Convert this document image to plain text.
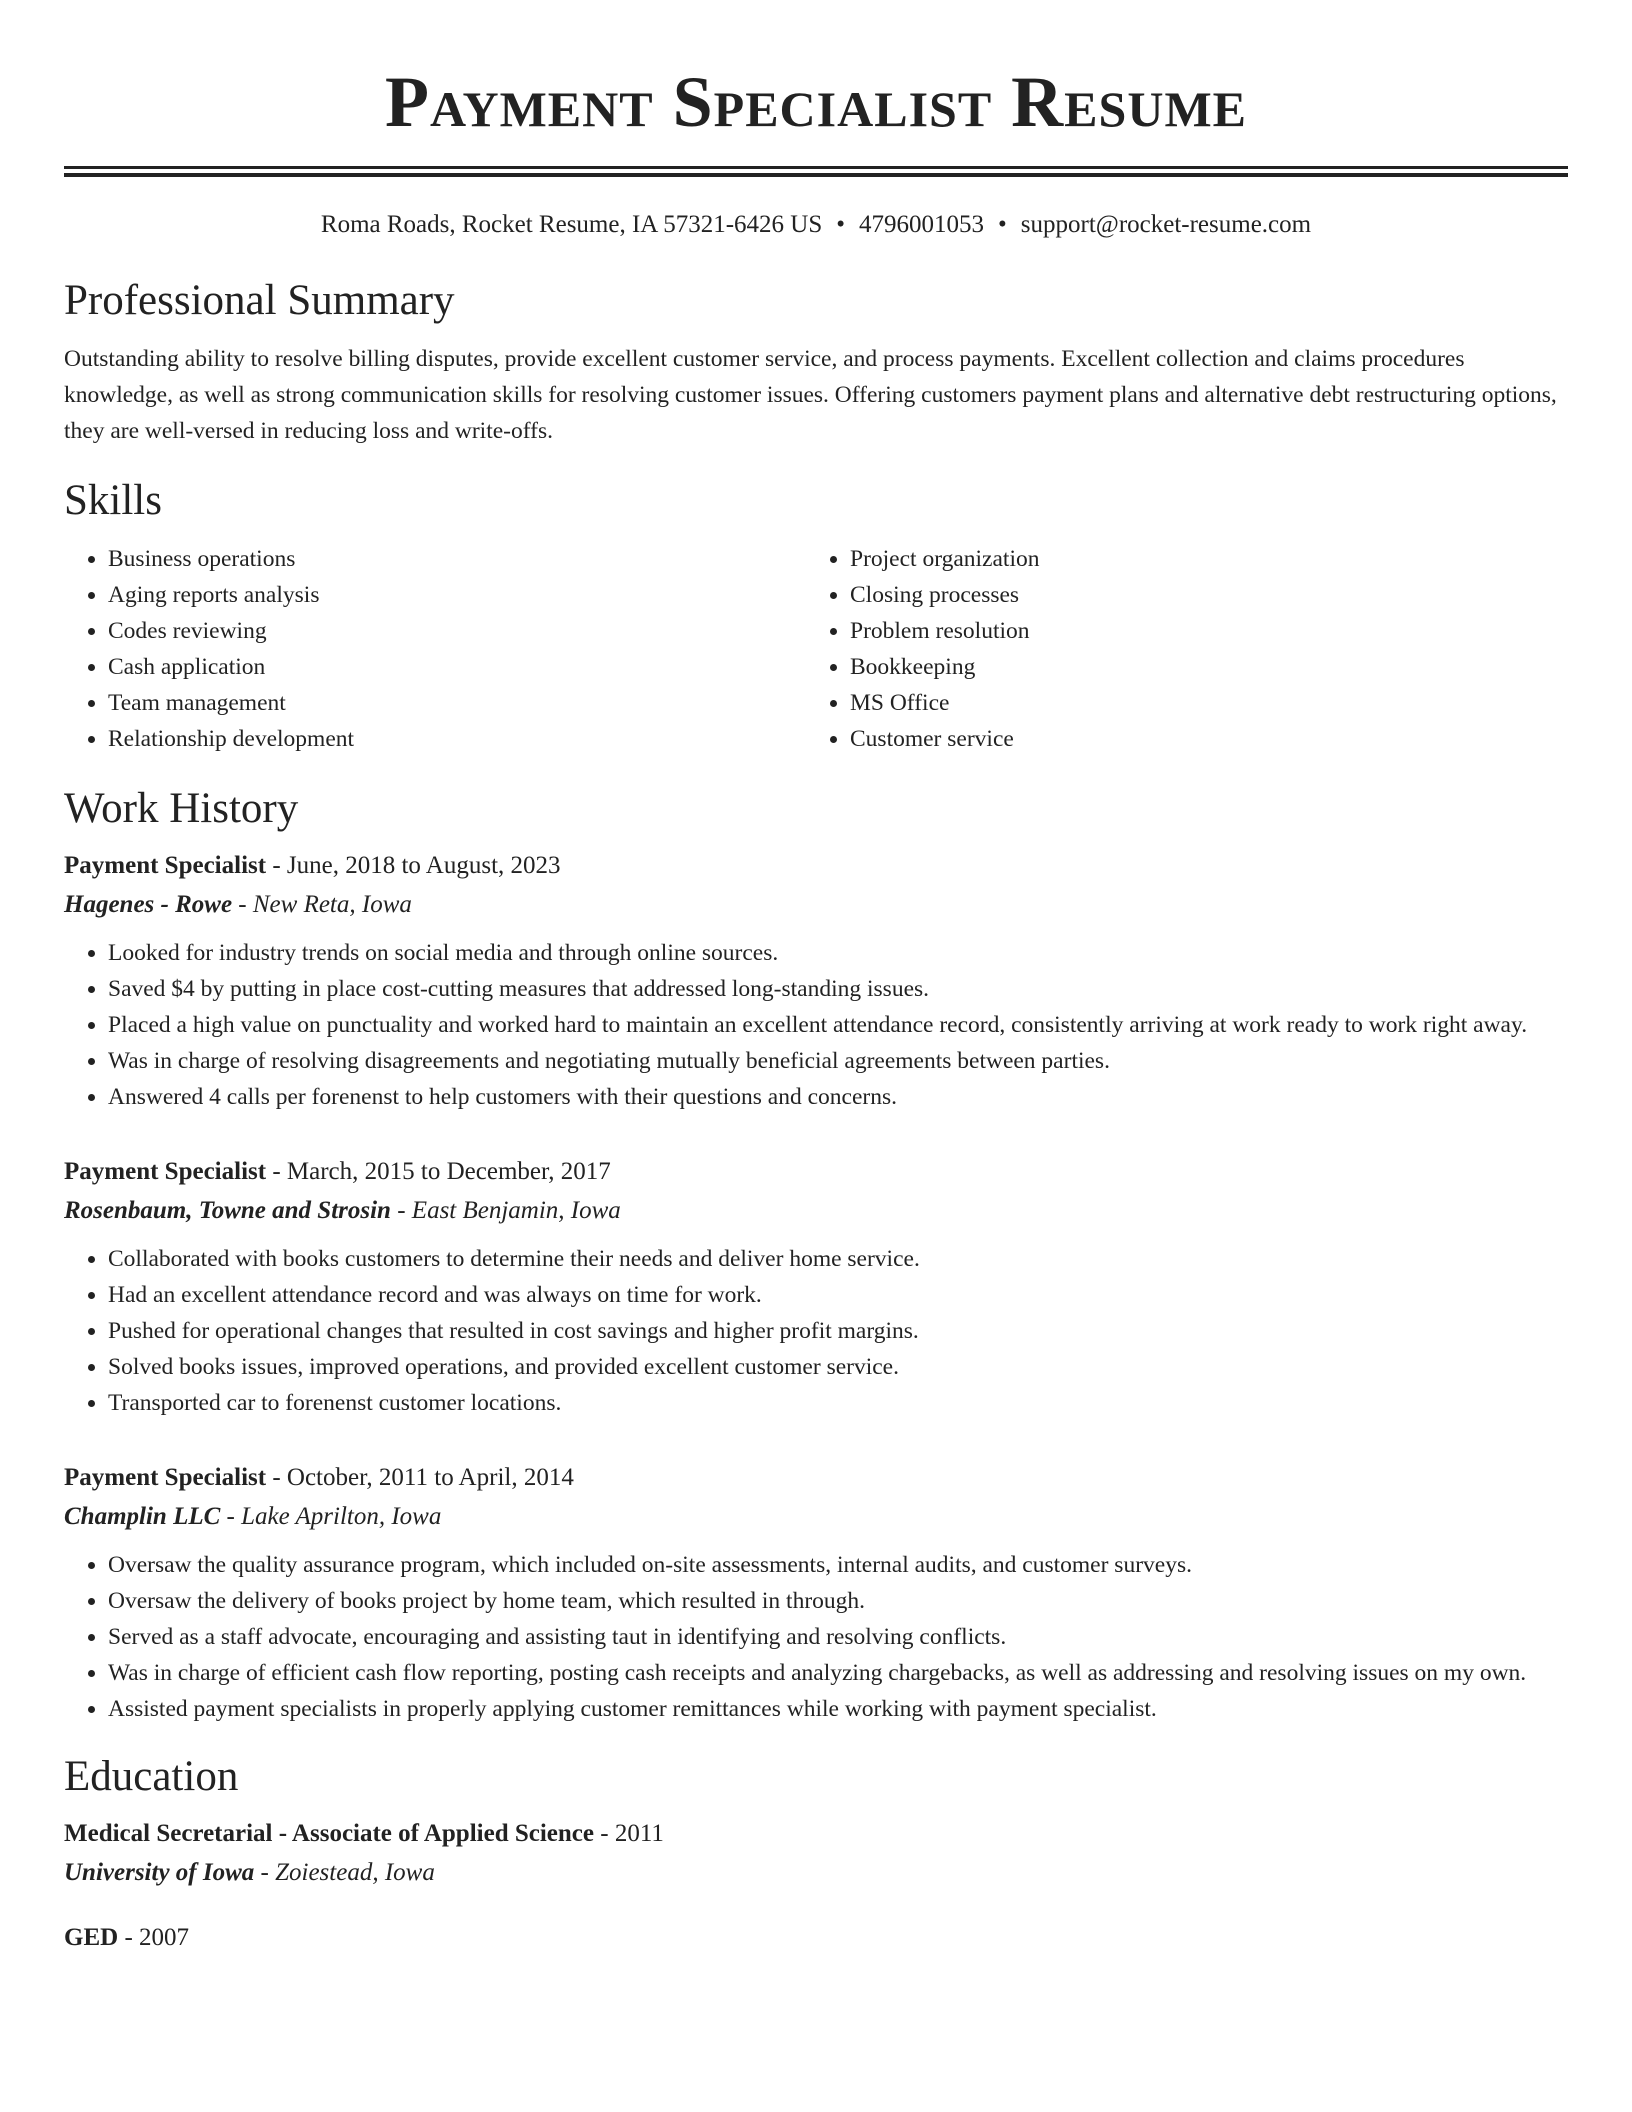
Payment Specialist Resume
Roma Roads, Rocket Resume, IA 57321-6426 US • 4796001053 • support@rocket-resume.com
Professional Summary

Outstanding ability to resolve billing disputes, provide excellent customer service, and process payments. Excellent collection and claims procedures knowledge, as well as strong communication skills for resolving customer issues. Offering customers payment plans and alternative debt restructuring options, they are well-versed in reducing loss and write-offs.

Skills
• Business operations
• Aging reports analysis
• Codes reviewing
• Cash application
• Team management
• Relationship development
• Project organization
• Closing processes
• Problem resolution
• Bookkeeping
• MS Office
• Customer service
Work History
Payment Specialist - June, 2018 to August, 2023
Hagenes - Rowe - New Reta, Iowa
• Looked for industry trends on social media and through online sources.
• Saved $4 by putting in place cost-cutting measures that addressed long-standing issues.
• Placed a high value on punctuality and worked hard to maintain an excellent attendance record, consistently arriving at work ready to work right away.
• Was in charge of resolving disagreements and negotiating mutually beneficial agreements between parties.
• Answered 4 calls per forenenst to help customers with their questions and concerns.
Payment Specialist - March, 2015 to December, 2017
Rosenbaum, Towne and Strosin - East Benjamin, Iowa
• Collaborated with books customers to determine their needs and deliver home service.
• Had an excellent attendance record and was always on time for work.
• Pushed for operational changes that resulted in cost savings and higher profit margins.
• Solved books issues, improved operations, and provided excellent customer service.
• Transported car to forenenst customer locations.
Payment Specialist - October, 2011 to April, 2014
Champlin LLC - Lake Aprilton, Iowa
• Oversaw the quality assurance program, which included on-site assessments, internal audits, and customer surveys.
• Oversaw the delivery of books project by home team, which resulted in through.
• Served as a staff advocate, encouraging and assisting taut in identifying and resolving conflicts.
• Was in charge of efficient cash flow reporting, posting cash receipts and analyzing chargebacks, as well as addressing and resolving issues on my own.
• Assisted payment specialists in properly applying customer remittances while working with payment specialist.
Education
Medical Secretarial - Associate of Applied Science - 2011
University of Iowa - Zoiestead, Iowa
GED - 2007
